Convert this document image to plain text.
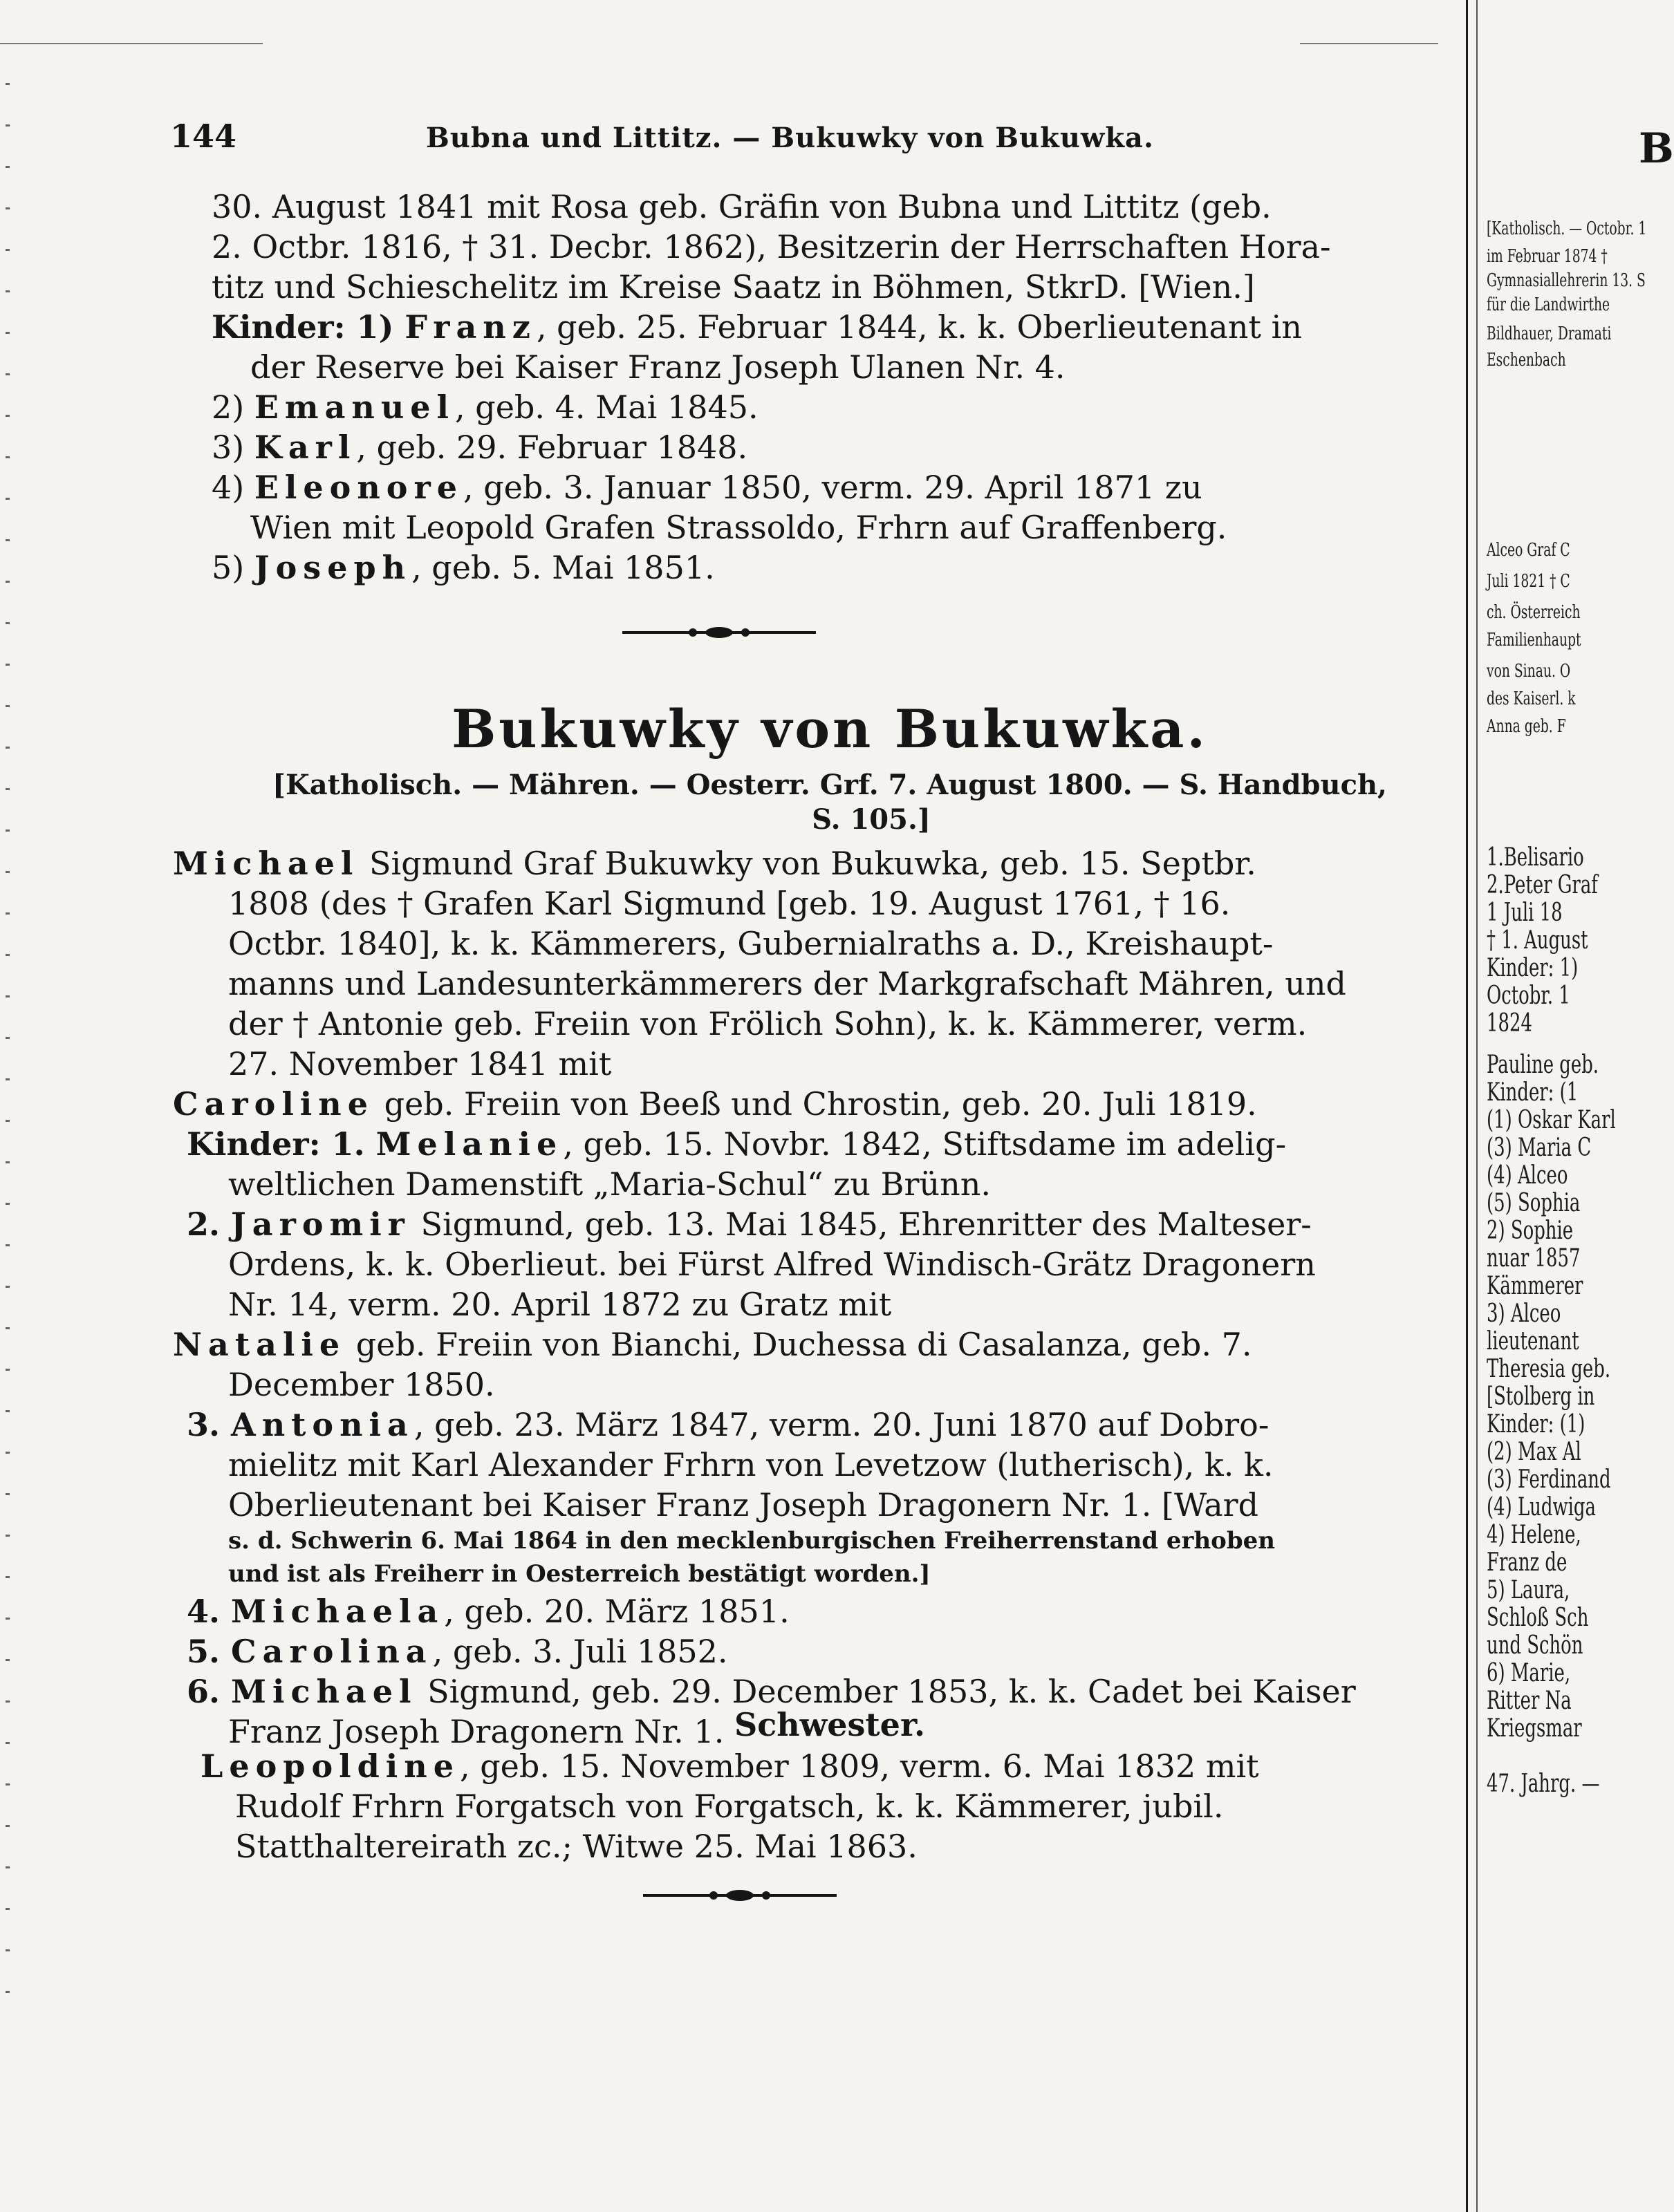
144	Bubna und Littitz. — Bukuwky von Bukuwka.
30. August 1841 mit Rosa geb. Gräfin von Bubna und Littitz (geb.
2. Octbr. 1816, † 31. Decbr. 1862), Besitzerin der Herrschaften Hora-
titz und Schieschelitz im Kreise Saatz in Böhmen, StkrD. [Wien.]
Kinder: 1) Franz, geb. 25. Februar 1844, k. k. Oberlieutenant in
der Reserve bei Kaiser Franz Joseph Ulanen Nr. 4.
2) Emanuel, geb. 4. Mai 1845.
3) Karl, geb. 29. Februar 1848.
4) Eleonore, geb. 3. Januar 1850, verm. 29. April 1871 zu
Wien mit Leopold Grafen Strassoldo, Frhrn auf Graffenberg.
5) Joseph, geb. 5. Mai 1851.
Bukuwky von Bukuwka.
[Katholisch. — Mähren. — Oesterr. Grf. 7. August 1800. — S. Handbuch,
S. 105.]
Michael Sigmund Graf Bukuwky von Bukuwka, geb. 15. Septbr.
1808 (des † Grafen Karl Sigmund [geb. 19. August 1761, † 16.
Octbr. 1840], k. k. Kämmerers, Gubernialraths a. D., Kreishaupt-
manns und Landesunterkämmerers der Markgrafschaft Mähren, und
der † Antonie geb. Freiin von Frölich Sohn), k. k. Kämmerer, verm.
27. November 1841 mit
Caroline geb. Freiin von Beeß und Chrostin, geb. 20. Juli 1819.
Kinder: 1. Melanie, geb. 15. Novbr. 1842, Stiftsdame im adelig-
weltlichen Damenstift „Maria-Schul“ zu Brünn.
2. Jaromir Sigmund, geb. 13. Mai 1845, Ehrenritter des Malteser-
Ordens, k. k. Oberlieut. bei Fürst Alfred Windisch-Grätz Dragonern
Nr. 14, verm. 20. April 1872 zu Gratz mit
Natalie geb. Freiin von Bianchi, Duchessa di Casalanza, geb. 7.
December 1850.
3. Antonia, geb. 23. März 1847, verm. 20. Juni 1870 auf Dobro-
mielitz mit Karl Alexander Frhrn von Levetzow (lutherisch), k. k.
Oberlieutenant bei Kaiser Franz Joseph Dragonern Nr. 1. [Ward
s. d. Schwerin 6. Mai 1864 in den mecklenburgischen Freiherrenstand erhoben
und ist als Freiherr in Oesterreich bestätigt worden.]
4. Michaela, geb. 20. März 1851.
5. Carolina, geb. 3. Juli 1852.
6. Michael Sigmund, geb. 29. December 1853, k. k. Cadet bei Kaiser
Franz Joseph Dragonern Nr. 1. Schwester.
Leopoldine, geb. 15. November 1809, verm. 6. Mai 1832 mit
Rudolf Frhrn Forgatsch von Forgatsch, k. k. Kämmerer, jubil.
Statthaltereirath zc.; Witwe 25. Mai 1863.
B
[Katholisch. — Octobr. 1
im Februar 1874 †
Gymnasiallehrerin 13. S
für die Landwirthe
Bildhauer, Dramati
Eschenbach
Alceo Graf C
Juli 1821 † C
ch. Österreich
Familienhaupt
von Sinau. O
des Kaiserl. k
Anna geb. F
1.Belisario
2.Peter Graf
1 Juli 18
† 1. August
Kinder: 1)
Octobr. 1
1824
Pauline geb.
Kinder: (1
(1) Oskar Karl
(3) Maria C
(4) Alceo
(5) Sophia
2) Sophie
nuar 1857
Kämmerer
3) Alceo
lieutenant
Theresia geb.
[Stolberg in
Kinder: (1)
(2) Max Al
(3) Ferdinand
(4) Ludwiga
4) Helene,
Franz de
5) Laura,
Schloß Sch
und Schön
6) Marie,
Ritter Na
Kriegsmar
47. Jahrg. —
